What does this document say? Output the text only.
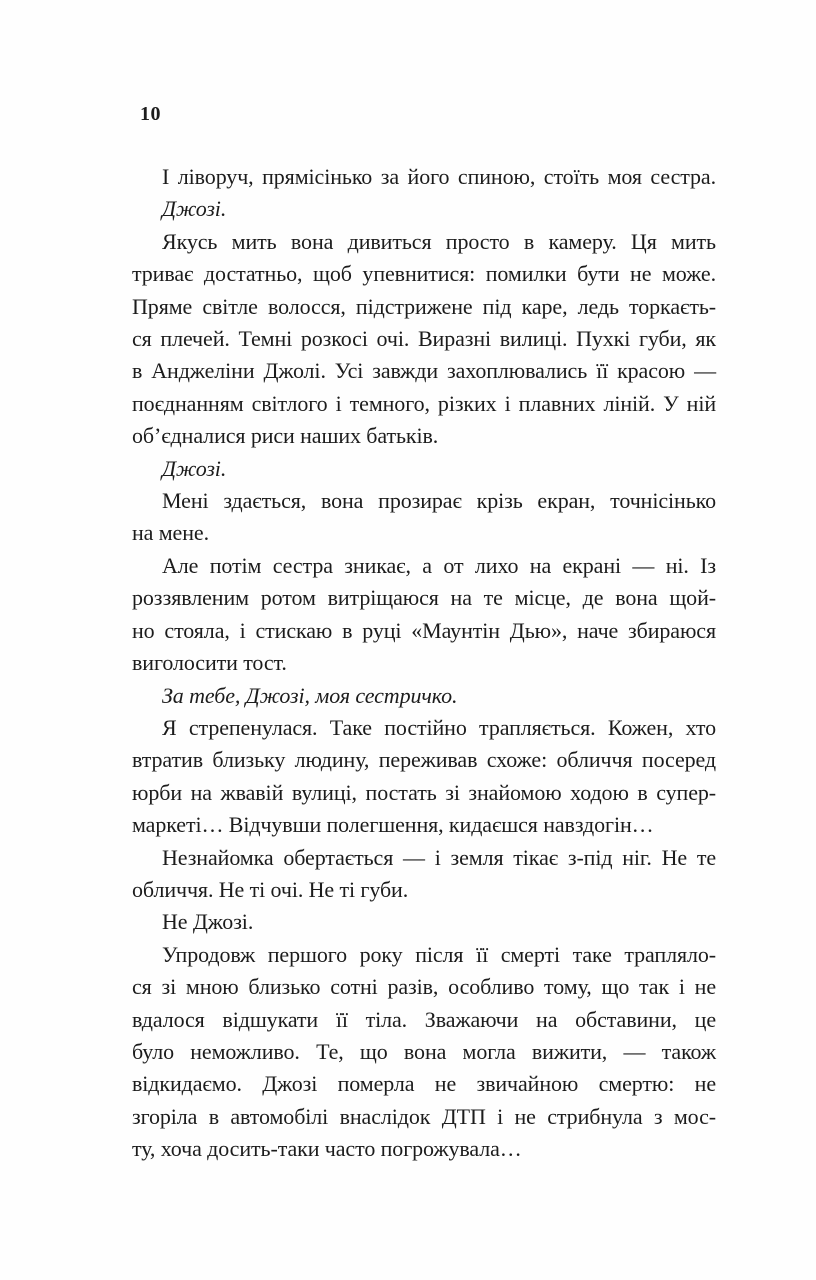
10
І ліворуч, прямісінько за його спиною, стоїть моя сестра.
Джозі.
Якусь мить вона дивиться просто в камеру. Ця мить
триває достатньо, щоб упевнитися: помилки бути не може.
Пряме світле волосся, підстрижене під каре, ледь торкаєть-
ся плечей. Темні розкосі очі. Виразні вилиці. Пухкі губи, як
в Анджеліни Джолі. Усі завжди захоплювались її красою —
поєднанням світлого і темного, різких і плавних ліній. У ній
об’єдналися риси наших батьків.
Джозі.
Мені здається, вона прозирає крізь екран, точнісінько
на мене.
Але потім сестра зникає, а от лихо на екрані — ні. Із
роззявленим ротом витріщаюся на те місце, де вона щой-
но стояла, і стискаю в руці «Маунтін Дью», наче збираюся
виголосити тост.
За тебе, Джозі, моя сестричко.
Я стрепенулася. Таке постійно трапляється. Кожен, хто
втратив близьку людину, переживав схоже: обличчя посеред
юрби на жвавій вулиці, постать зі знайомою ходою в супер-
маркеті… Відчувши полегшення, кидаєшся навздогін…
Незнайомка обертається — і земля тікає з-під ніг. Не те
обличчя. Не ті очі. Не ті губи.
Не Джозі.
Упродовж першого року після її смерті таке трапляло-
ся зі мною близько сотні разів, особливо тому, що так і не
вдалося відшукати її тіла. Зважаючи на обставини, це
було неможливо. Те, що вона могла вижити, — також
відкидаємо. Джозі померла не звичайною смертю: не
згоріла в автомобілі внаслідок ДТП і не стрибнула з мос-
ту, хоча досить-таки часто погрожувала…
